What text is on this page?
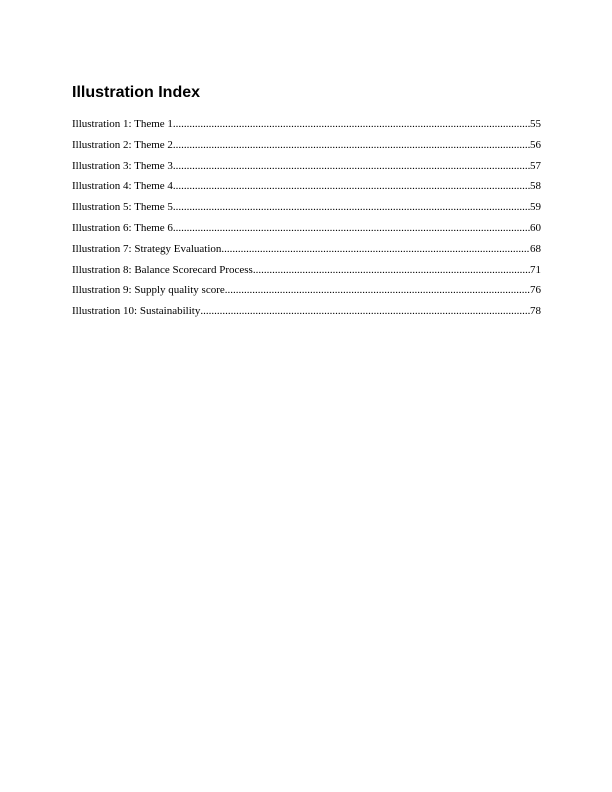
Illustration Index
Illustration 1: Theme 1 .....	55
Illustration 2: Theme 2 .....	56
Illustration 3: Theme 3 .....	57
Illustration 4: Theme 4 .....	58
Illustration 5: Theme 5 .....	59
Illustration 6: Theme 6 .....	60
Illustration 7: Strategy Evaluation .....	68
Illustration 8: Balance Scorecard Process .....	71
Illustration 9: Supply quality score .....	76
Illustration 10: Sustainability .....	78
